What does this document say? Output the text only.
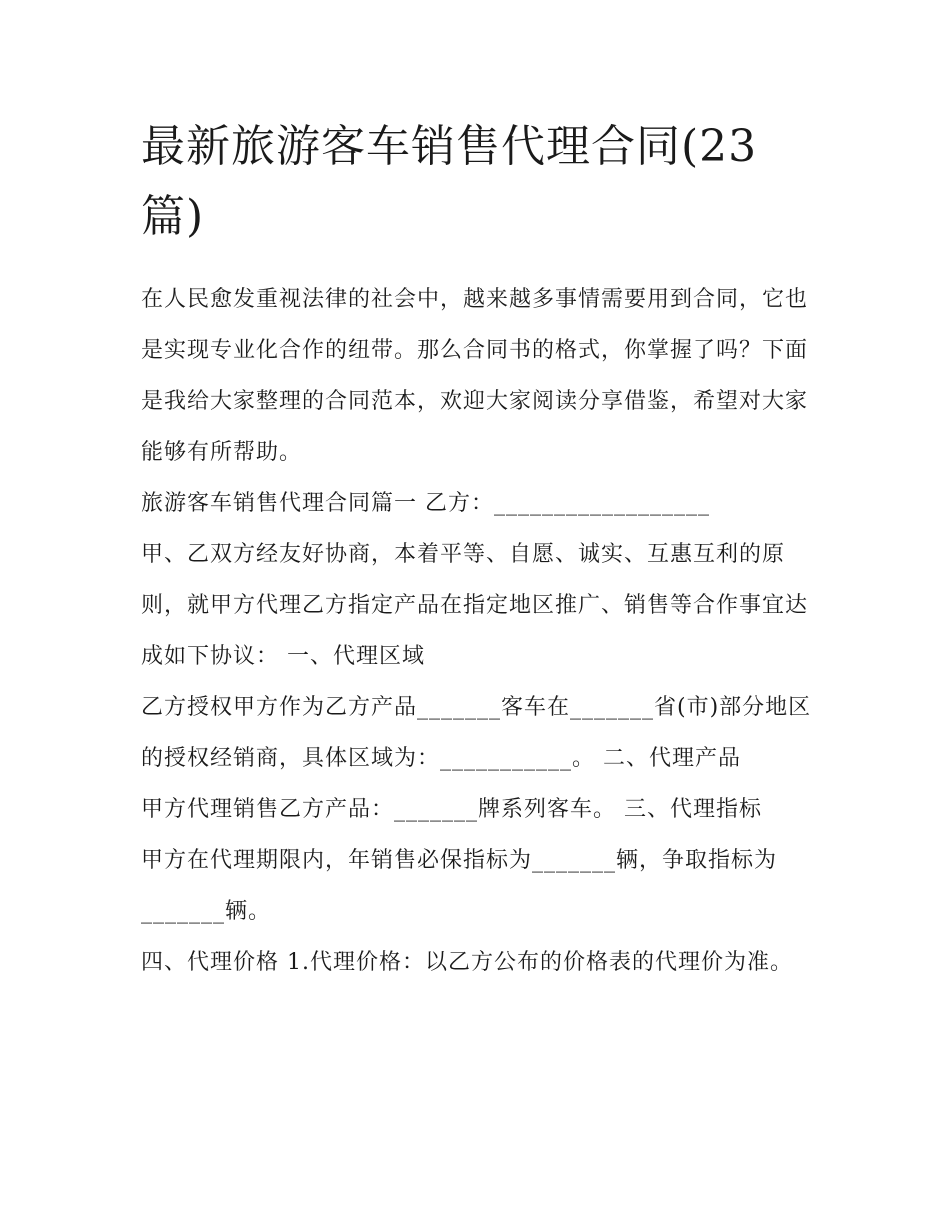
最新旅游客车销售代理合同(23篇)

在人民愈发重视法律的社会中，越来越多事情需要用到合同，它也是实现专业化合作的纽带。那么合同书的格式，你掌握了吗？下面是我给大家整理的合同范本，欢迎大家阅读分享借鉴，希望对大家能够有所帮助。

旅游客车销售代理合同篇一 乙方：__________________

甲、乙双方经友好协商，本着平等、自愿、诚实、互惠互利的原则，就甲方代理乙方指定产品在指定地区推广、销售等合作事宜达成如下协议： 一、代理区域

乙方授权甲方作为乙方产品_______客车在_______省(市)部分地区的授权经销商，具体区域为：___________。 二、代理产品

甲方代理销售乙方产品：_______牌系列客车。 三、代理指标

甲方在代理期限内，年销售必保指标为_______辆，争取指标为_______辆。

四、代理价格 1.代理价格：以乙方公布的价格表的代理价为准。
